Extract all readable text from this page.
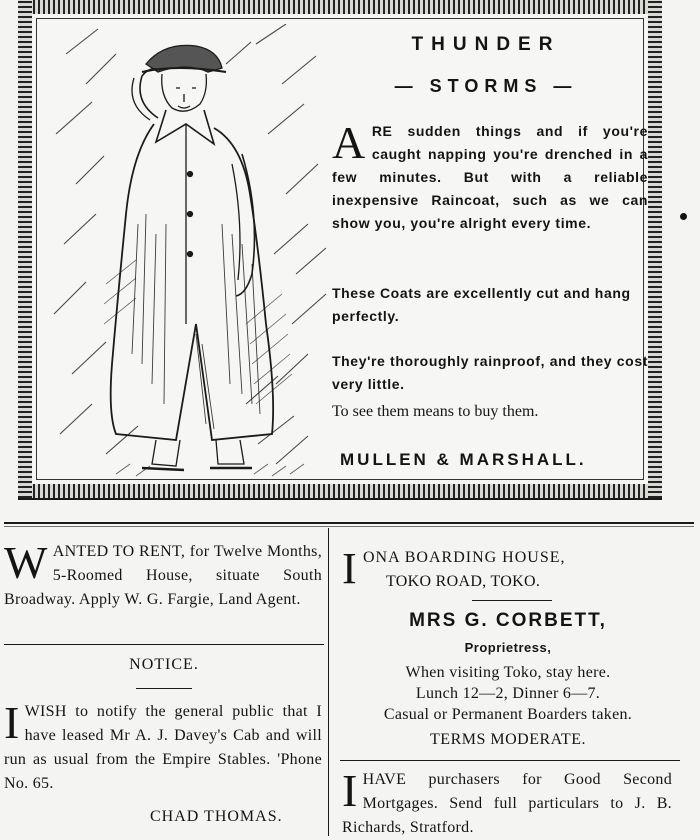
THUNDER
— STORMS —
ARE sudden things and if you're caught napping you're drenched in a few minutes. But with a reliable inexpensive Raincoat, such as we can show you, you're alright every time.
These Coats are excellently cut and hang perfectly.
They're thoroughly rainproof, and they cost very little.
To see them means to buy them.
MULLEN & MARSHALL.
WANTED TO RENT, for Twelve Months, 5-Roomed House, situate South Broadway. Apply W. G. Fargie, Land Agent.
NOTICE.
IWISH to notify the general public that I have leased Mr A. J. Davey's Cab and will run as usual from the Empire Stables. 'Phone No. 65.
CHAD THOMAS.
I ONA BOARDING HOUSE,
TOKO ROAD, TOKO.
MRS G. CORBETT,
Proprietress,
When visiting Toko, stay here.
Lunch 12—2, Dinner 6—7.
Casual or Permanent Boarders taken.
TERMS MODERATE.
IHAVE purchasers for Good Second Mortgages. Send full particulars to J. B. Richards, Stratford.
